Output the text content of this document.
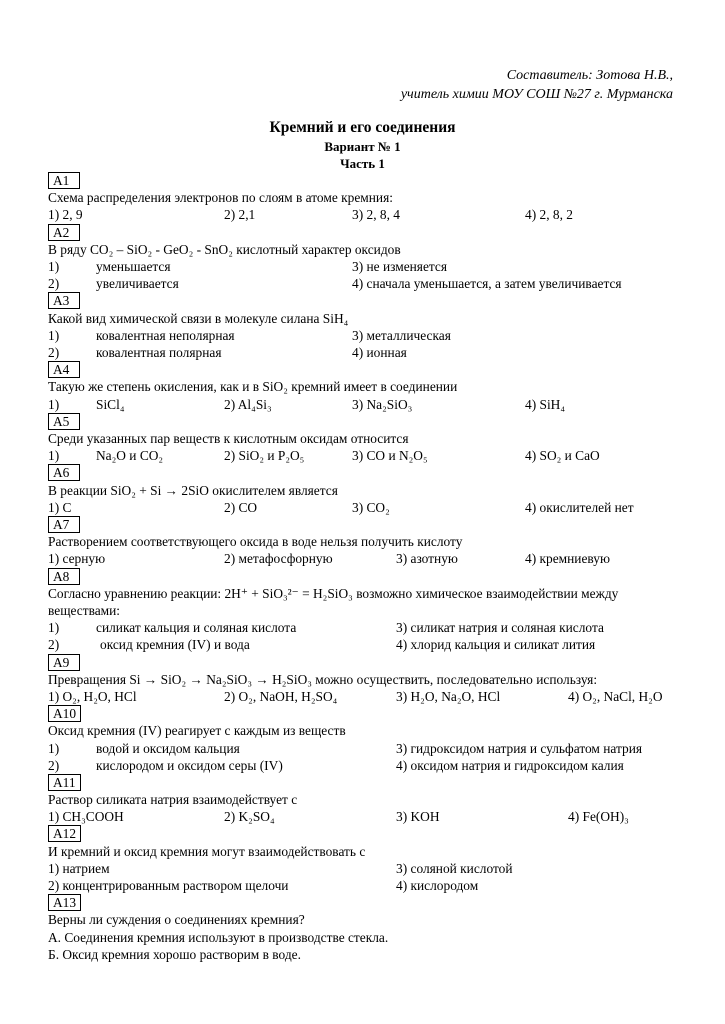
Составитель: Зотова Н.В.,
учитель химии МОУ СОШ №27 г. Мурманска
Кремний и его соединения
Вариант № 1
Часть 1
A1
Схема распределения электронов по слоям в атоме кремния:
1) 2, 9	2) 2,1	3) 2, 8, 4	4) 2, 8, 2
A2
В ряду CO₂ – SiO₂ - GeO₂ - SnO₂ кислотный характер оксидов
1)	уменьшается	3) не изменяется
2)	увеличивается	4) сначала уменьшается, а затем увеличивается
A3
Какой вид химической связи в молекуле силана SiH₄
1)	ковалентная неполярная	3) металлическая
2)	ковалентная полярная	4) ионная
A4
Такую же степень окисления, как и в SiO₂ кремний имеет в соединении
1)	SiCl₄	2) Al₄Si₃	3) Na₂SiO₃	4) SiH₄
A5
Среди указанных пар веществ к кислотным оксидам относится
1)	Na₂O и CO₂	2) SiO₂ и P₂O₅	3) CO и N₂O₅	4) SO₂ и CaO
A6
В реакции SiO₂ + Si → 2SiO окислителем является
1) C	2) CO	3) CO₂	4) окислителей нет
A7
Растворением соответствующего оксида в воде нельзя получить кислоту
1) серную	2) метафосфорную	3) азотную	4) кремниевую
A8
Согласно уравнению реакции: 2H⁺ + SiO₃²⁻ = H₂SiO₃ возможно химическое взаимодействии между
веществами:
1)	силикат кальция и соляная кислота	3) силикат натрия и соляная кислота
2)	оксид кремния (IV) и вода	4) хлорид кальция и силикат лития
A9
Превращения Si → SiO₂ → Na₂SiO₃ → H₂SiO₃ можно осуществить, последовательно используя:
1) O₂, H₂O, HCl	2) O₂, NaOH, H₂SO₄	3) H₂O, Na₂O, HCl	4) O₂, NaCl, H₂O
A10
Оксид кремния (IV) реагирует с каждым из веществ
1)	водой и оксидом кальция	3) гидроксидом натрия и сульфатом натрия
2)	кислородом и оксидом серы (IV)	4) оксидом натрия и гидроксидом калия
A11
Раствор силиката натрия взаимодействует с
1) CH₃COOH	2) K₂SO₄	3) KOH	4) Fe(OH)₃
A12
И кремний и оксид кремния могут взаимодействовать с
1) натрием	3) соляной кислотой
2) концентрированным раствором щелочи	4) кислородом
A13
Верны ли суждения о соединениях кремния?
А. Соединения кремния используют в производстве стекла.
Б. Оксид кремния хорошо растворим в воде.
